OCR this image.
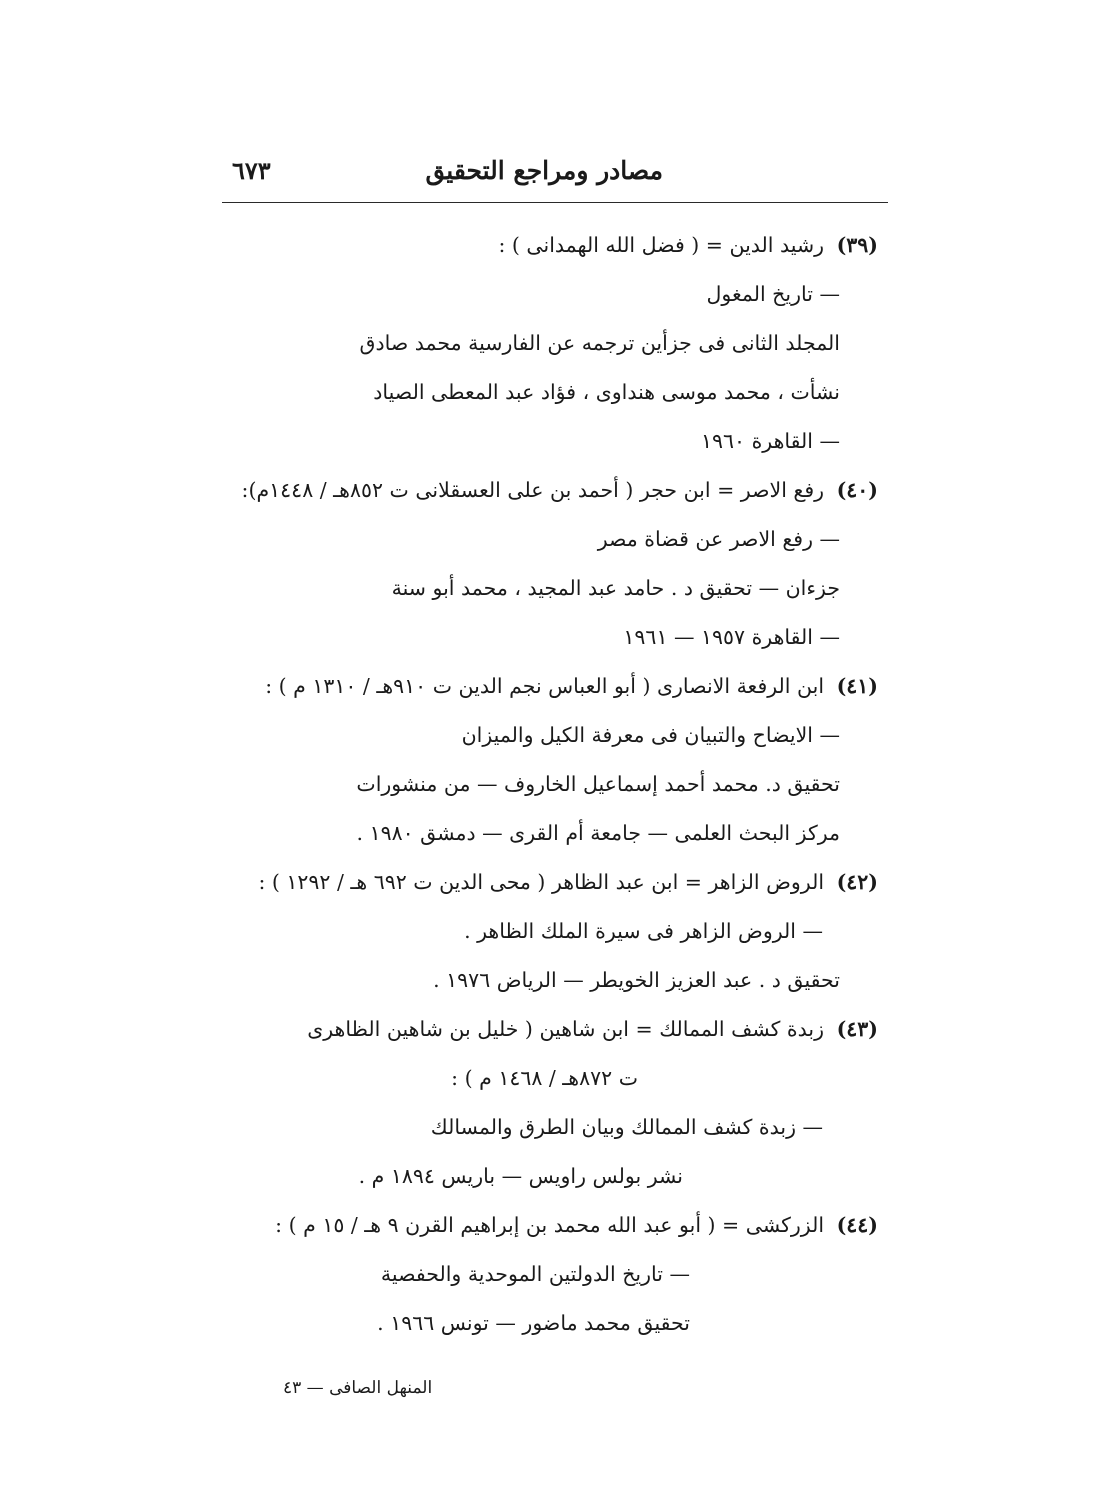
مصادر ومراجع التحقيق
٦٧٣
(٣٩) رشيد الدين = ( فضل الله الهمدانى ) :
— تاريخ المغول
المجلد الثانى فى جزأين ترجمه عن الفارسية محمد صادق
نشأت ، محمد موسى هنداوى ، فؤاد عبد المعطى الصياد
— القاهرة ١٩٦٠
(٤٠) رفع الاصر = ابن حجر ( أحمد بن على العسقلانى ت ٨٥٢هـ / ١٤٤٨م):
— رفع الاصر عن قضاة مصر
جزءان — تحقيق د . حامد عبد المجيد ، محمد أبو سنة
— القاهرة ١٩٥٧ — ١٩٦١
(٤١) ابن الرفعة الانصارى ( أبو العباس نجم الدين ت ٩١٠هـ / ١٣١٠ م ) :
— الايضاح والتبيان فى معرفة الكيل والميزان
تحقيق د. محمد أحمد إسماعيل الخاروف — من منشورات
مركز البحث العلمى — جامعة أم القرى — دمشق ١٩٨٠ .
(٤٢) الروض الزاهر = ابن عبد الظاهر ( محى الدين ت ٦٩٢ هـ / ١٢٩٢ ) :
— الروض الزاهر فى سيرة الملك الظاهر .
تحقيق د . عبد العزيز الخويطر — الرياض ١٩٧٦ .
(٤٣) زبدة كشف الممالك = ابن شاهين ( خليل بن شاهين الظاهرى
ت ٨٧٢هـ / ١٤٦٨ م ) :
— زبدة كشف الممالك وبيان الطرق والمسالك
نشر بولس راويس — باريس ١٨٩٤ م .
(٤٤) الزركشى = ( أبو عبد الله محمد بن إبراهيم القرن ٩ هـ / ١٥ م ) :
— تاريخ الدولتين الموحدية والحفصية
تحقيق محمد ماضور — تونس ١٩٦٦ .
المنهل الصافى — ٤٣
